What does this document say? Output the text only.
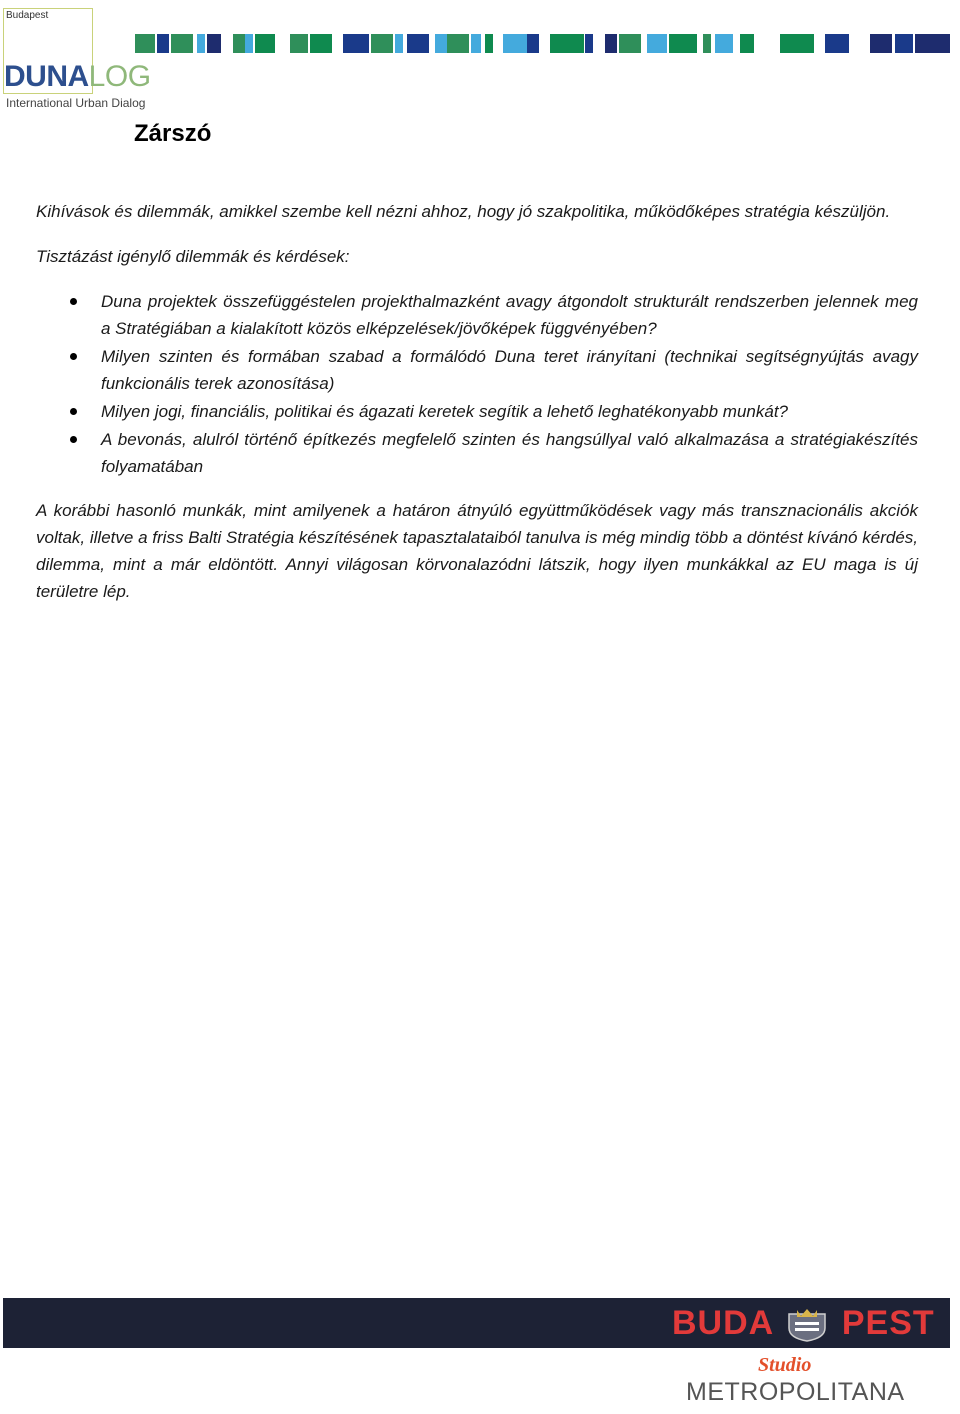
Budapest
DUNALOG
International Urban Dialog
Zárszó
Kihívások és dilemmák, amikkel szembe kell nézni ahhoz, hogy jó szakpolitika, működőképes stratégia készüljön.
Tisztázást igénylő dilemmák és kérdések:
Duna projektek összefüggéstelen projekthalmazként avagy átgondolt strukturált rendszerben jelennek meg a Stratégiában a kialakított közös elképzelések/jövőképek függvényében?
Milyen szinten és formában szabad a formálódó Duna teret irányítani (technikai segítségnyújtás avagy funkcionális terek azonosítása)
Milyen jogi, financiális, politikai és ágazati keretek segítik a lehető leghatékonyabb munkát?
A bevonás, alulról történő építkezés megfelelő szinten és hangsúllyal való alkalmazása a stratégiakészítés folyamatában
A korábbi hasonló munkák, mint amilyenek a határon átnyúló együttműködések vagy más transznacionális akciók voltak, illetve a friss Balti Stratégia készítésének tapasztalataiból tanulva is még mindig több a döntést kívánó kérdés, dilemma, mint a már eldöntött. Annyi világosan körvonalazódni látszik, hogy ilyen munkákkal az EU maga is új területre lép.
BUDA PEST
Studio
METROPOLITANA
